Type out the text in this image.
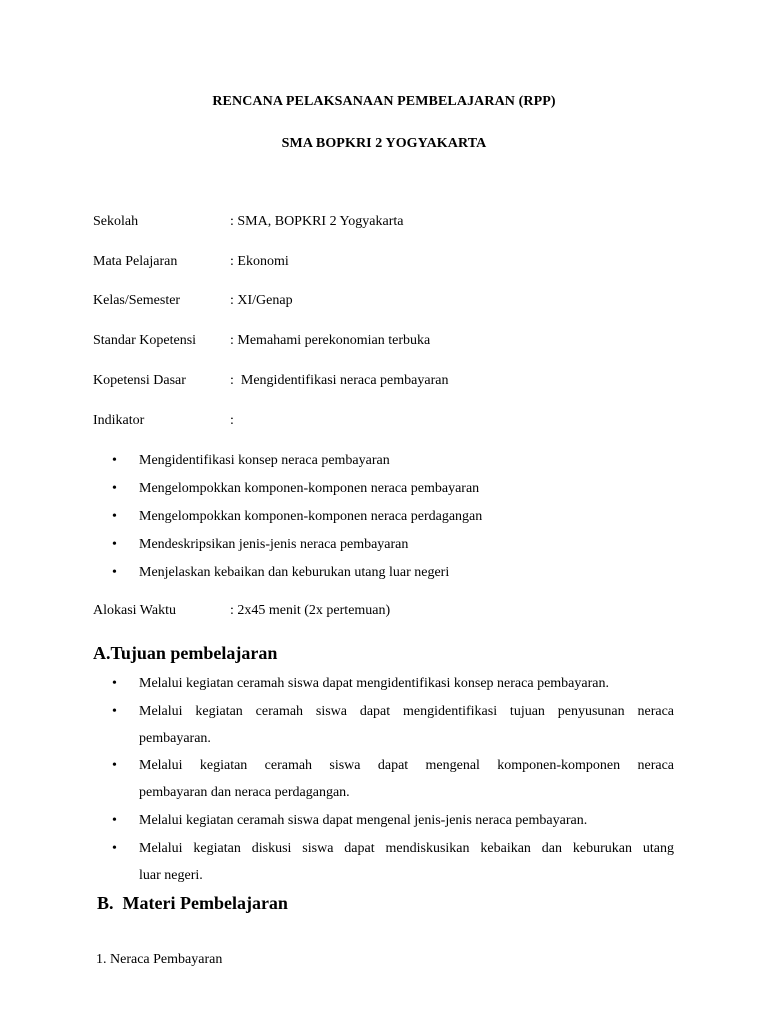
RENCANA PELAKSANAAN PEMBELAJARAN (RPP)
SMA BOPKRI 2 YOGYAKARTA
Sekolah	: SMA, BOPKRI 2 Yogyakarta
Mata Pelajaran	: Ekonomi
Kelas/Semester	: XI/Genap
Standar Kopetensi : Memahami perekonomian terbuka
Kopetensi Dasar	:  Mengidentifikasi neraca pembayaran
Indikator	:
• Mengidentifikasi konsep neraca pembayaran
• Mengelompokkan komponen-komponen neraca pembayaran
• Mengelompokkan komponen-komponen neraca perdagangan
• Mendeskripsikan jenis-jenis neraca pembayaran
• Menjelaskan kebaikan dan keburukan utang luar negeri
Alokasi Waktu	: 2x45 menit (2x pertemuan)
A.Tujuan pembelajaran
• Melalui kegiatan ceramah siswa dapat mengidentifikasi konsep neraca pembayaran.
• Melalui kegiatan ceramah siswa dapat mengidentifikasi tujuan penyusunan neraca
pembayaran.
• Melalui kegiatan ceramah siswa dapat mengenal komponen-komponen neraca
pembayaran dan neraca perdagangan.
• Melalui kegiatan ceramah siswa dapat mengenal jenis-jenis neraca pembayaran.
• Melalui kegiatan diskusi siswa dapat mendiskusikan kebaikan dan keburukan utang
luar negeri.
B.  Materi Pembelajaran
1. Neraca Pembayaran
